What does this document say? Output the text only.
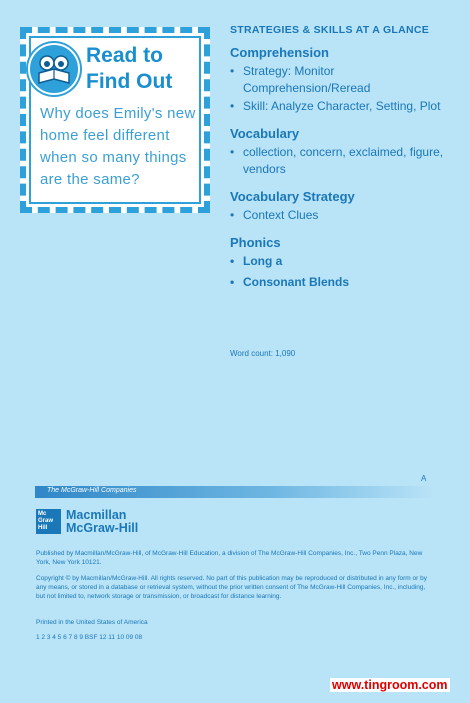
Read to
Find Out
Why does Emily's new home feel different when so many things are the same?
STRATEGIES & SKILLS AT A GLANCE
Comprehension
• Strategy: Monitor Comprehension/Reread
• Skill: Analyze Character, Setting, Plot
Vocabulary
• collection, concern, exclaimed, figure, vendors
Vocabulary Strategy
• Context Clues
Phonics
• Long a
• Consonant Blends
Word count: 1,090
A
The McGraw-Hill Companies
Mc
Graw
Hill
Macmillan
McGraw-Hill

Published by Macmillan/McGraw-Hill, of McGraw-Hill Education, a division of The McGraw-Hill Companies, Inc., Two Penn Plaza, New York, New York 10121.

Copyright © by Macmillan/McGraw-Hill. All rights reserved. No part of this publication may be reproduced or distributed in any form or by any means, or stored in a database or retrieval system, without the prior written consent of The McGraw-Hill Companies, Inc., including, but not limited to, network storage or transmission, or broadcast for distance learning.

Printed in the United States of America
1 2 3 4 5 6 7 8 9 BSF 12 11 10 09 08
www.tingroom.com
